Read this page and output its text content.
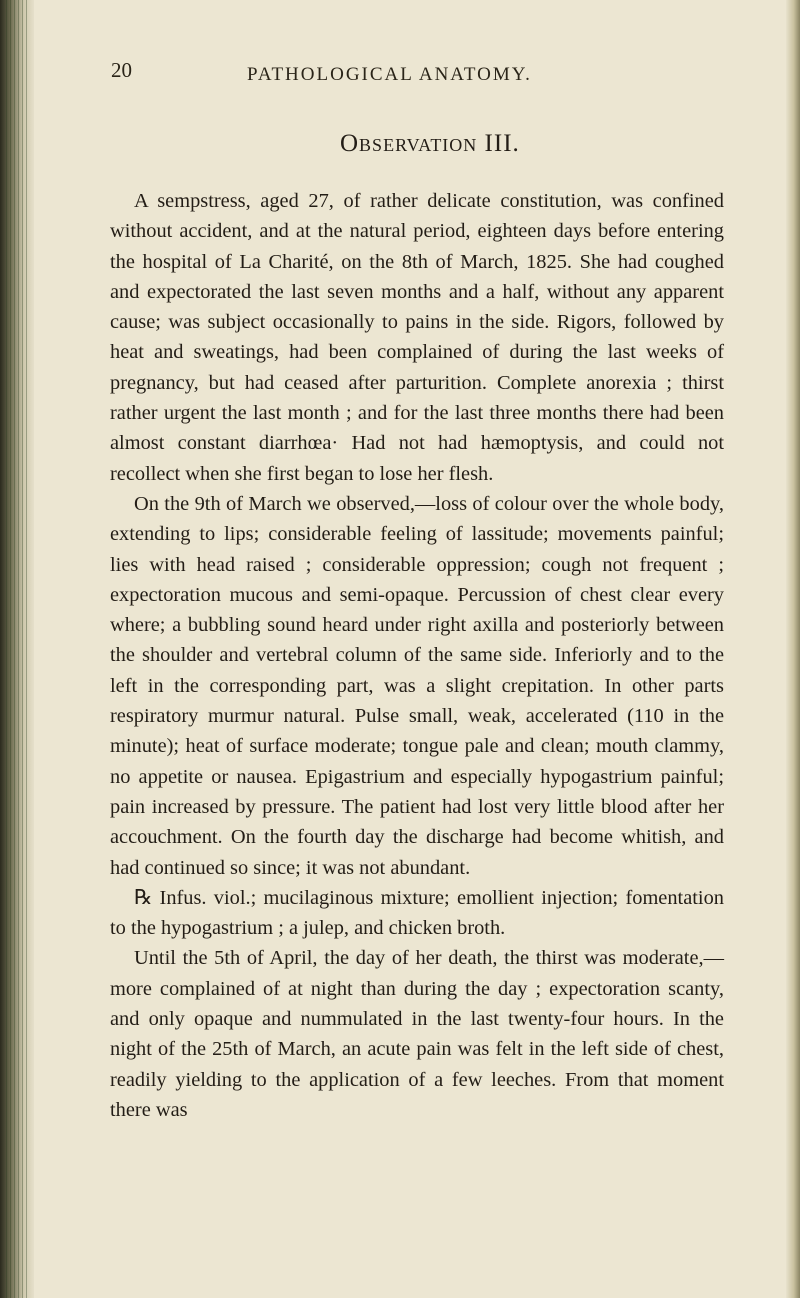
20	PATHOLOGICAL ANATOMY.
Observation III.

A sempstress, aged 27, of rather delicate constitution, was confined without accident, and at the natural period, eighteen days before entering the hospital of La Charité, on the 8th of March, 1825. She had coughed and expectorated the last seven months and a half, without any apparent cause; was subject occasionally to pains in the side. Rigors, followed by heat and sweatings, had been complained of during the last weeks of pregnancy, but had ceased after parturition. Complete anorexia ; thirst rather urgent the last month ; and for the last three months there had been almost constant diarrhœa· Had not had hæmoptysis, and could not recollect when she first began to lose her flesh.

On the 9th of March we observed,—loss of colour over the whole body, extending to lips; considerable feeling of lassitude; movements painful; lies with head raised ; considerable oppression; cough not frequent ; expectoration mucous and semi-opaque. Percussion of chest clear every where; a bubbling sound heard under right axilla and posteriorly between the shoulder and vertebral column of the same side. Inferiorly and to the left in the corresponding part, was a slight crepitation. In other parts respiratory murmur natural. Pulse small, weak, accelerated (110 in the minute); heat of surface moderate; tongue pale and clean; mouth clammy, no appetite or nausea. Epigastrium and especially hypogastrium painful; pain increased by pressure. The patient had lost very little blood after her accouchment. On the fourth day the discharge had become whitish, and had continued so since; it was not abundant.

℞ Infus. viol.; mucilaginous mixture; emollient injection; fomentation to the hypogastrium ; a julep, and chicken broth.

Until the 5th of April, the day of her death, the thirst was moderate,—more complained of at night than during the day ; expectoration scanty, and only opaque and nummulated in the last twenty-four hours. In the night of the 25th of March, an acute pain was felt in the left side of chest, readily yielding to the application of a few leeches. From that moment there was
